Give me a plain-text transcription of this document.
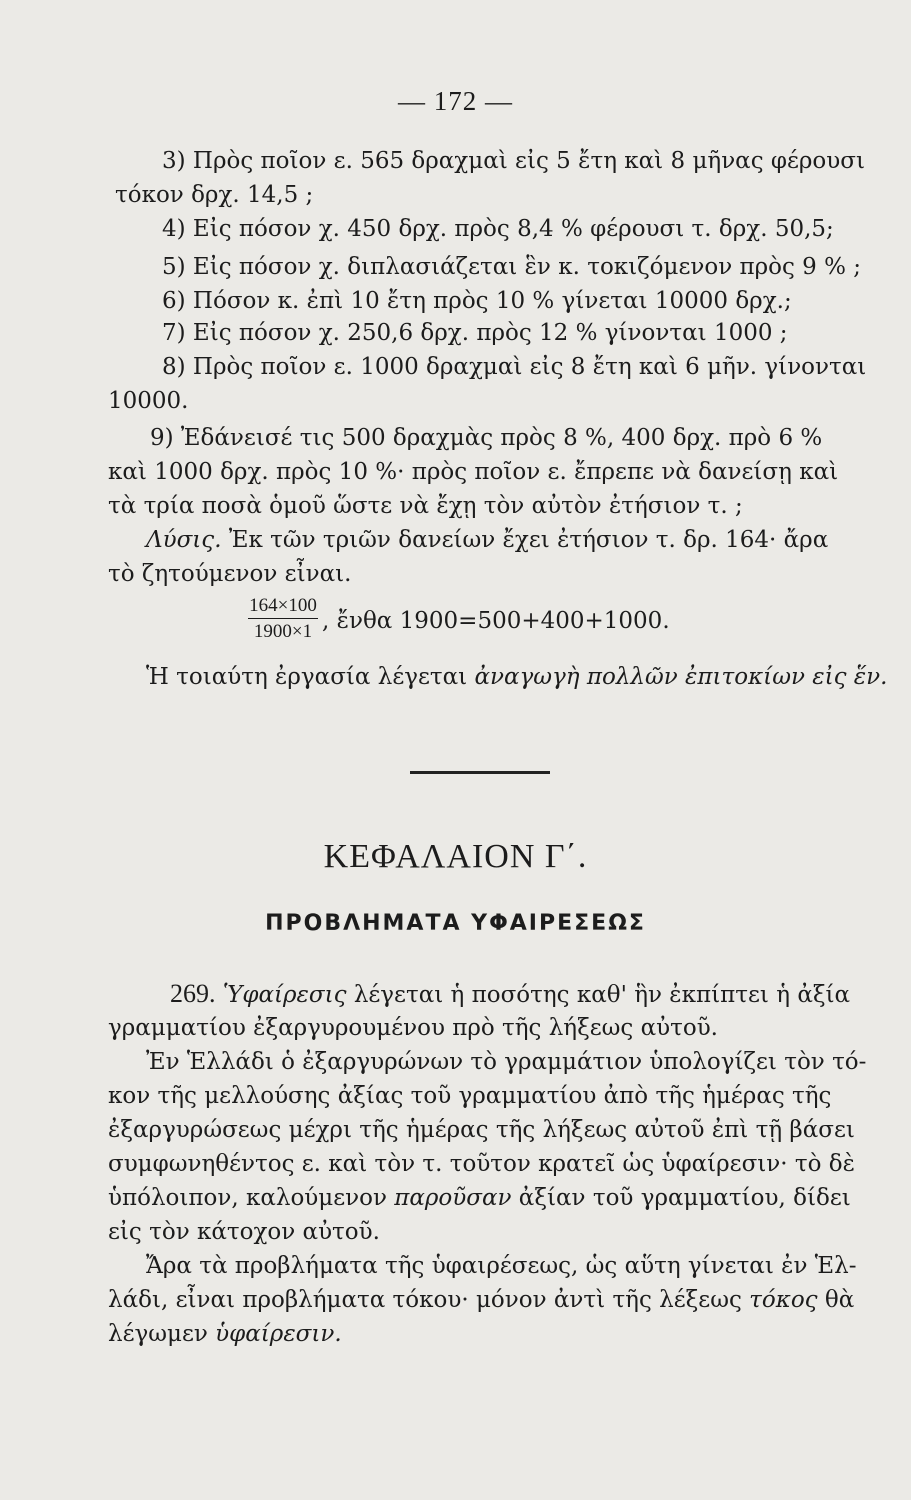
— 172 —
3) Πρὸς ποῖον ε. 565 δραχμαὶ εἰς 5 ἔτη καὶ 8 μῆνας φέρουσι
τόκον δρχ. 14,5 ;
4) Εἰς πόσον χ. 450 δρχ. πρὸς 8,4 % φέρουσι τ. δρχ. 50,5;
5) Εἰς πόσον χ. διπλασιάζεται ἓν κ. τοκιζόμενον πρὸς 9 % ;
6) Πόσον κ. ἐπὶ 10 ἔτη πρὸς 10 % γίνεται 10000 δρχ.;
7) Εἰς πόσον χ. 250,6 δρχ. πρὸς 12 % γίνονται 1000 ;
8) Πρὸς ποῖον ε. 1000 δραχμαὶ εἰς 8 ἔτη καὶ 6 μῆν. γίνονται
10000.
9) Ἐδάνεισέ τις 500 δραχμὰς πρὸς 8 %, 400 δρχ. πρὸ 6 %
καὶ 1000 δρχ. πρὸς 10 %· πρὸς ποῖον ε. ἔπρεπε νὰ δανείσῃ καὶ
τὰ τρία ποσὰ ὁμοῦ ὥστε νὰ ἔχῃ τὸν αὐτὸν ἐτήσιον τ. ;
Λύσις. Ἐκ τῶν τριῶν δανείων ἔχει ἐτήσιον τ. δρ. 164· ἄρα
τὸ ζητούμενον εἶναι.
164×100
1900×1 , ἔνθα 1900=500+400+1000.
Ἡ τοιαύτη ἐργασία λέγεται ἀναγωγὴ πολλῶν ἐπιτοκίων εἰς ἕν.
ΚΕΦΑΛΑΙΟΝ Γ΄.
ΠΡΟΒΛΗΜΑΤΑ ΥΦΑΙΡΕΣΕΩΣ
269. Ὑφαίρεσις λέγεται ἡ ποσότης καθ' ἣν ἐκπίπτει ἡ ἀξία
γραμματίου ἐξαργυρουμένου πρὸ τῆς λήξεως αὐτοῦ.
Ἐν Ἑλλάδι ὁ ἐξαργυρώνων τὸ γραμμάτιον ὑπολογίζει τὸν τό-
κον τῆς μελλούσης ἀξίας τοῦ γραμματίου ἀπὸ τῆς ἡμέρας τῆς
ἐξαργυρώσεως μέχρι τῆς ἡμέρας τῆς λήξεως αὐτοῦ ἐπὶ τῇ βάσει
συμφωνηθέντος ε. καὶ τὸν τ. τοῦτον κρατεῖ ὡς ὑφαίρεσιν· τὸ δὲ
ὑπόλοιπον, καλούμενον παροῦσαν ἀξίαν τοῦ γραμματίου, δίδει
εἰς τὸν κάτοχον αὐτοῦ.
Ἄρα τὰ προβλήματα τῆς ὑφαιρέσεως, ὡς αὕτη γίνεται ἐν Ἑλ-
λάδι, εἶναι προβλήματα τόκου· μόνον ἀντὶ τῆς λέξεως τόκος θὰ
λέγωμεν ὑφαίρεσιν.
